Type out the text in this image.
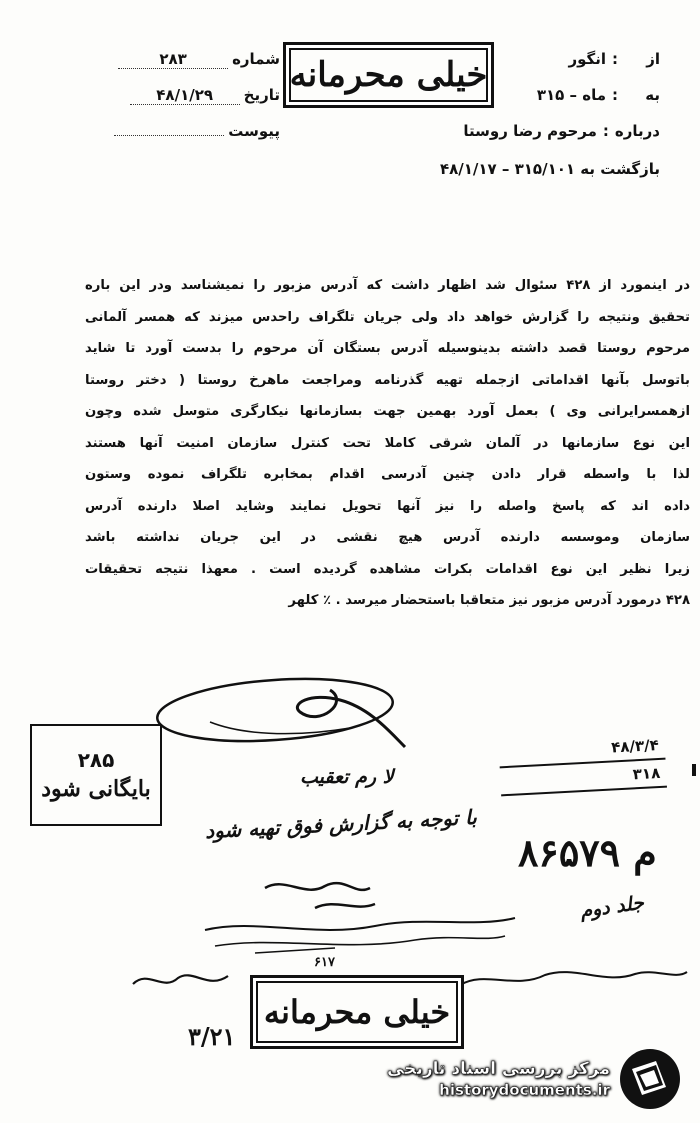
خیلی محرمانه	از
:
انگور
به
:
ماه – ۳۱۵
درباره
:
مرحوم رضا روستا
شماره
۲۸۳
تاریخ
۴۸/۱/۲۹
پیوست
بازگشت به ۳۱۵/۱۰۱ – ۴۸/۱/۱۷
در اینمورد از ۴۲۸ سئوال شد اظهار داشت که آدرس مزبور را نمیشناسد ودر این باره
تحقیق ونتیجه را گزارش خواهد داد ولی جریان تلگراف راحدس میزند که همسر آلمانی
مرحوم روستا قصد داشته بدینوسیله آدرس بستگان آن مرحوم را بدست آورد تا شاید
باتوسل بآنها اقداماتی ازجمله تهیه گذرنامه ومراجعت ماهرخ روستا ( دختر روستا
ازهمسرایرانی وی ) بعمل آورد بهمین جهت بسازمانها نیکارگری متوسل شده وچون
این نوع سازمانها در آلمان شرقی کاملا تحت کنترل سازمان امنیت آنها هستند
لذا با واسطه قرار دادن چنین آدرسی اقدام بمخابره تلگراف نموده وستون
داده اند که پاسخ واصله را نیز آنها تحویل نمایند وشاید اصلا دارنده آدرس
سازمان وموسسه دارنده آدرس هیچ نقشی در این جریان نداشته باشد
زیرا نظیر این نوع اقدامات بکرات مشاهده گردیده است . معهذا نتیجه تحقیقات
۴۲۸ درمورد آدرس مزبور نیز متعاقبا باستحضار میرسد . ٪ کلهر
۲۸۵
بایگانی شود
۴۸/۳/۴
۳۱۸
لا رم تعقیب
با توجه به گزارش فوق تهیه شود
۸۶۵۷۹ م
جلد دوم
۳/۲۱
خیلی محرمانه
۶۱۷
مرکز بررسی اسناد تاریخی
historydocuments.ir
